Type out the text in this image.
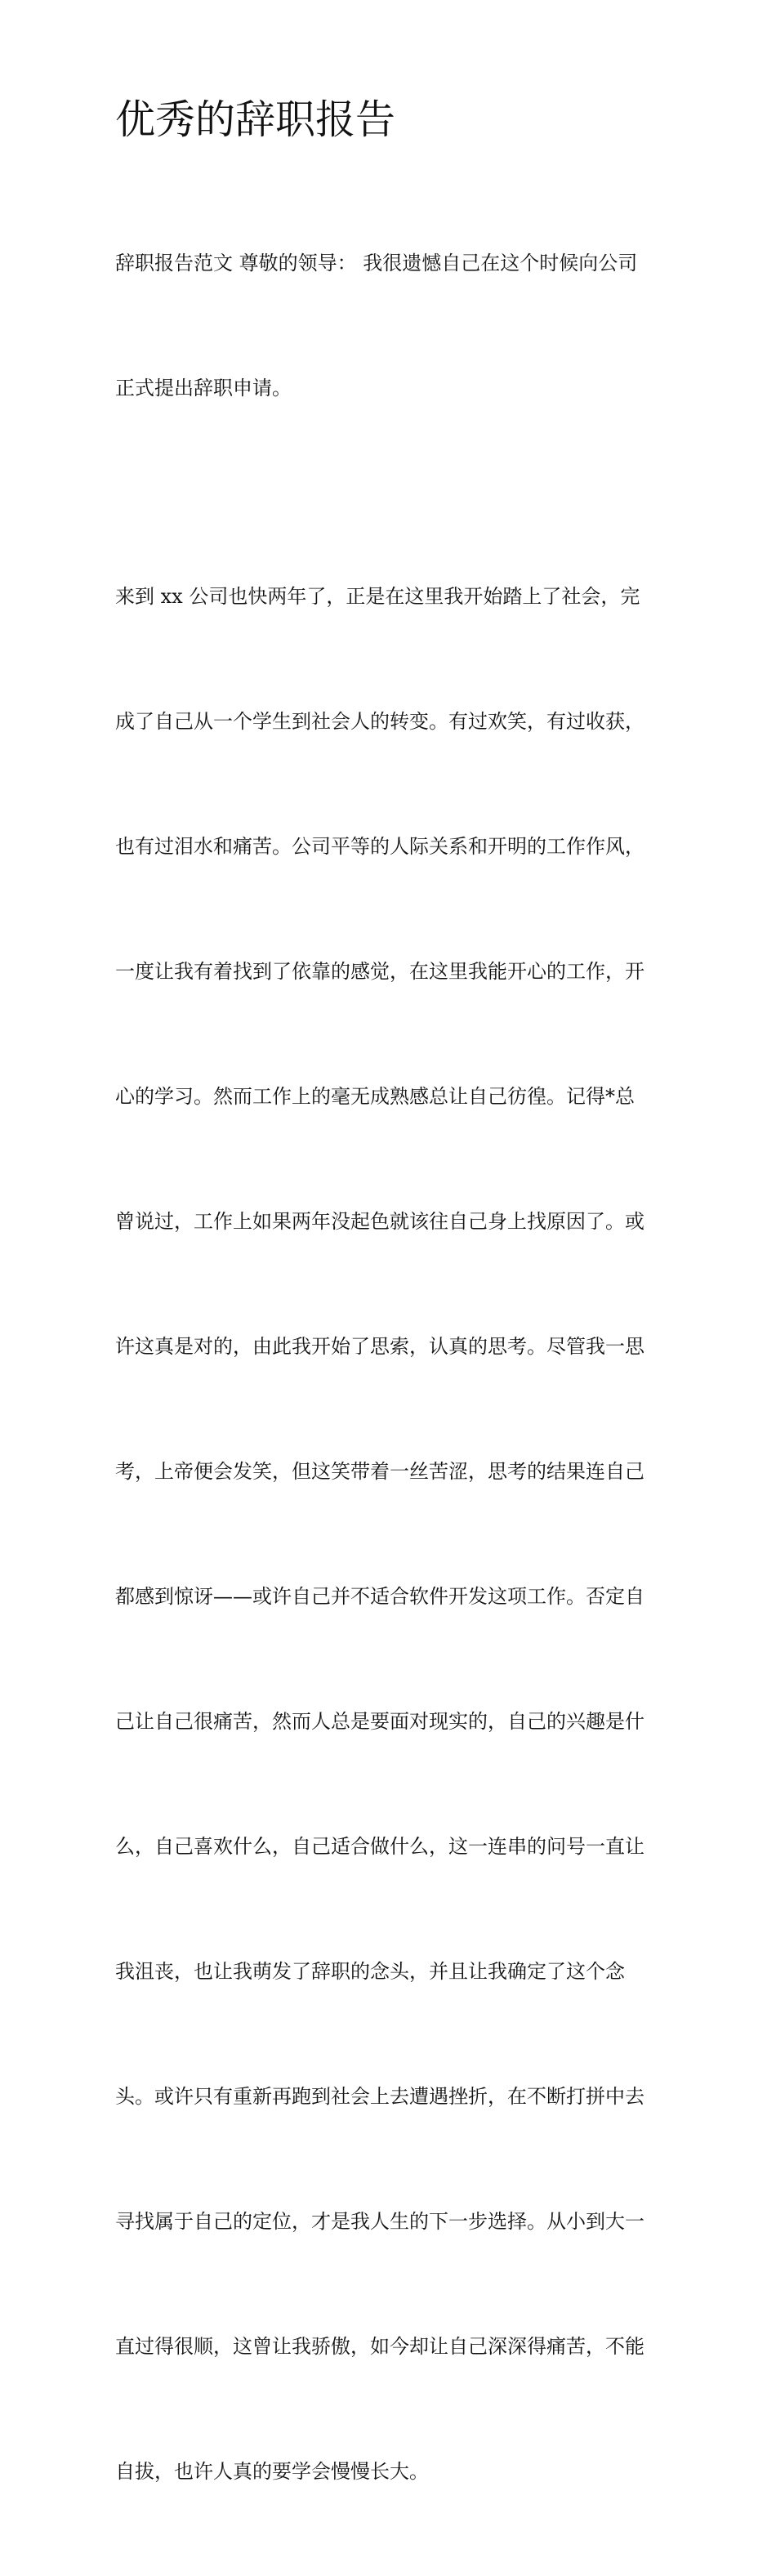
优秀的辞职报告

辞职报告范文 尊敬的领导： 我很遗憾自己在这个时候向公司

正式提出辞职申请。

来到 xx 公司也快两年了，正是在这里我开始踏上了社会，完

成了自己从一个学生到社会人的转变。有过欢笑，有过收获，

也有过泪水和痛苦。公司平等的人际关系和开明的工作作风，

一度让我有着找到了依靠的感觉，在这里我能开心的工作，开

心的学习。然而工作上的毫无成熟感总让自己彷徨。记得*总

曾说过，工作上如果两年没起色就该往自己身上找原因了。或

许这真是对的，由此我开始了思索，认真的思考。尽管我一思

考，上帝便会发笑，但这笑带着一丝苦涩，思考的结果连自己

都感到惊讶——或许自己并不适合软件开发这项工作。否定自

己让自己很痛苦，然而人总是要面对现实的，自己的兴趣是什

么，自己喜欢什么，自己适合做什么，这一连串的问号一直让

我沮丧，也让我萌发了辞职的念头，并且让我确定了这个念

头。或许只有重新再跑到社会上去遭遇挫折，在不断打拼中去

寻找属于自己的定位，才是我人生的下一步选择。从小到大一

直过得很顺，这曾让我骄傲，如今却让自己深深得痛苦，不能

自拔，也许人真的要学会慢慢长大。
